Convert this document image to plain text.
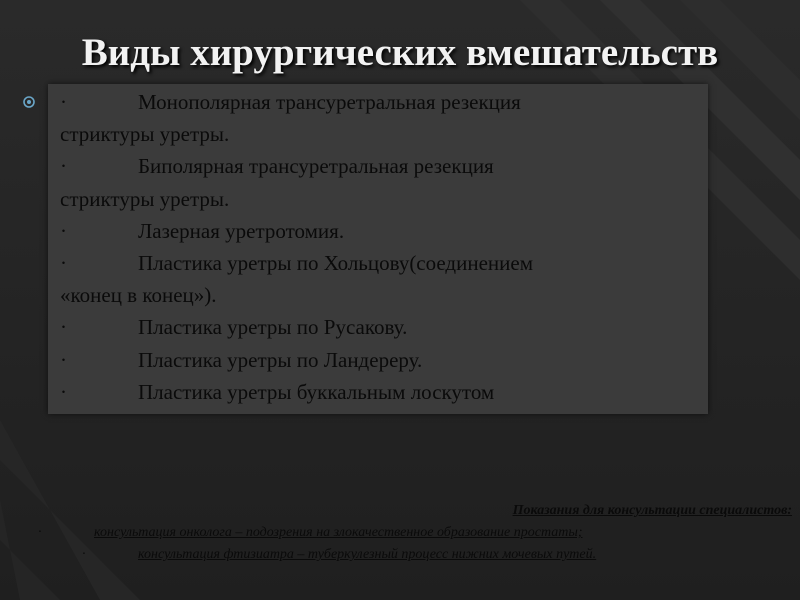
Виды хирургических вмешательств
·	Монополярная трансуретральная резекция
стриктуры уретры.
·	Биполярная трансуретральная резекция
стриктуры уретры.
·	Лазерная уретротомия.
·	Пластика уретры по Хольцову(соединением
«конец в конец»).
·	Пластика уретры по Русакову.
·	Пластика уретры по Ландереру.
·	Пластика уретры буккальным лоскутом
Показания для консультации специалистов:
·	консультация онколога – подозрения на злокачественное образование простаты;
·	консультация фтизиатра – туберкулезный процесс нижних мочевых путей.
